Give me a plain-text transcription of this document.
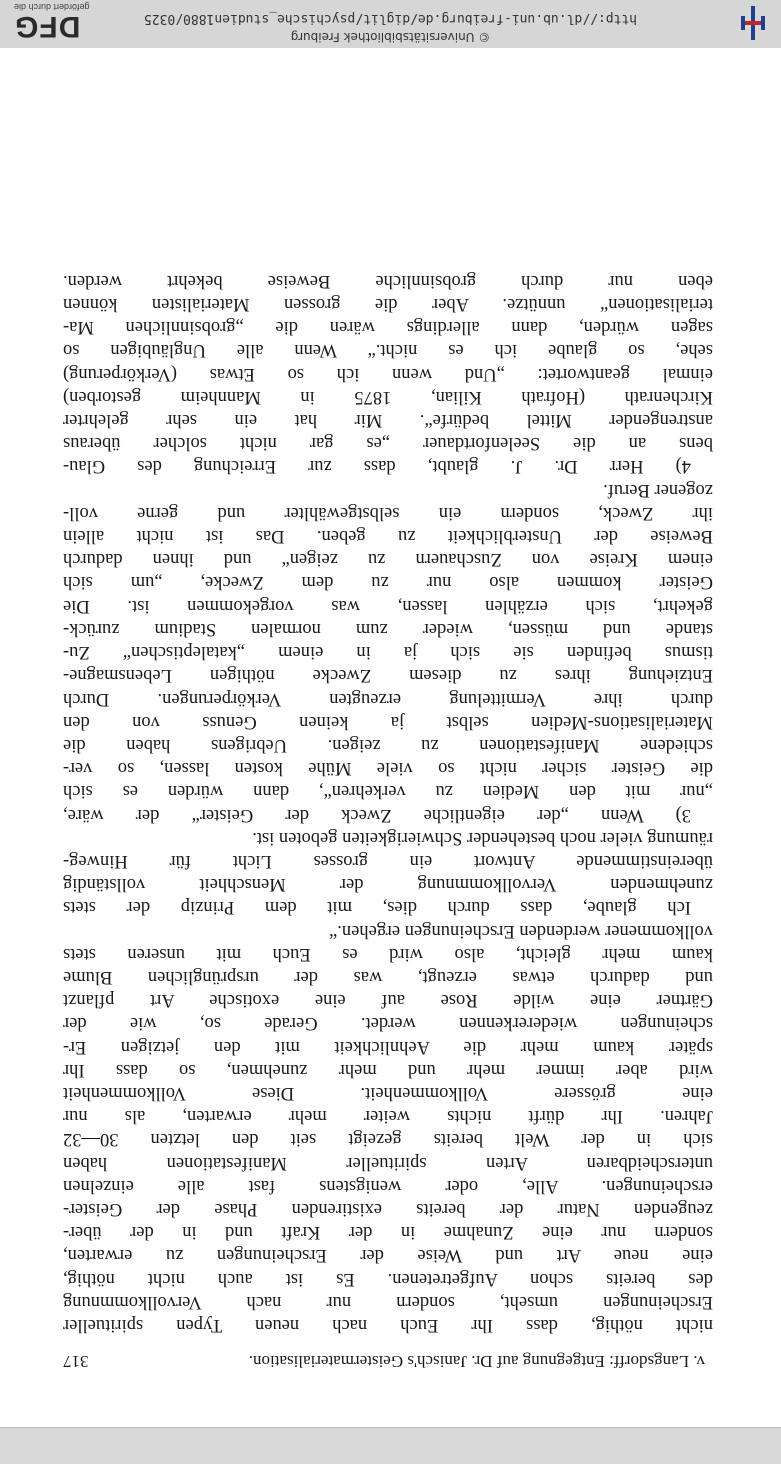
v. Langsdorff: Entgegnung auf Dr. Janisch's Geistermaterialisation.
317
nicht nöthig, dass Ihr Euch nach neuen Typen spiritueller
Erscheinungen umseht, sondern nur nach Vervollkommnung
des bereits schon Aufgetretenen. Es ist auch nicht nöthig,
eine neue Art und Weise der Erscheinungen zu erwarten,
sondern nur eine Zunahme in der Kraft und in der über-
zeugenden Natur der bereits existirenden Phase der Geister-
erscheinungen. Alle, oder wenigstens fast alle einzelnen
unterscheidbaren Arten spiritueller Manifestationen haben
sich in der Welt bereits gezeigt seit den letzten 30—32
Jahren. Ihr dürft nichts weiter mehr erwarten, als nur
eine grössere Vollkommenheit. Diese Vollkommenheit
wird aber immer mehr und mehr zunehmen, so dass Ihr
später kaum mehr die Aehnlichkeit mit den jetzigen Er-
scheinungen wiedererkennen werdet. Gerade so, wie der
Gärtner eine wilde Rose auf eine exotische Art pflanzt
und dadurch etwas erzeugt, was der ursprünglichen Blume
kaum mehr gleicht, also wird es Euch mit unseren stets
vollkommener werdenden Erscheinungen ergehen.“
Ich glaube, dass durch dies, mit dem Prinzip der stets
zunehmenden Vervollkommnung der Menschheit vollständig
übereinstimmende Antwort ein grosses Licht für Hinweg-
räumung vieler noch bestehender Schwierigkeiten geboten ist.
3) Wenn „der eigentliche Zweck der Geister“ der wäre,
„nur mit den Medien zu verkehren“, dann würden es sich
die Geister sicher nicht so viele Mühe kosten lassen, so ver-
schiedene Manifestationen zu zeigen. Uebrigens haben die
Materialisations-Medien selbst ja keinen Genuss von den
durch ihre Vermittelung erzeugten Verkörperungen. Durch
Entziehung ihres zu diesem Zwecke nöthigen Lebensmagne-
tismus befinden sie sich ja in einem „kataleptischen“ Zu-
stande und müssen, wieder zum normalen Stadium zurück-
gekehrt, sich erzählen lassen, was vorgekommen ist. Die
Geister kommen also nur zu dem Zwecke, „um sich
einem Kreise von Zuschauern zu zeigen“ und ihnen dadurch
Beweise der Unsterblichkeit zu geben. Das ist nicht allein
ihr Zweck, sondern ein selbstgewählter und gerne voll-
zogener Beruf.
4) Herr Dr. J. glaubt, dass zur Erreichung des Glau-
bens an die Seelenfortdauer „es gar nicht solcher überaus
anstrengender Mittel bedürfe“. Mir hat ein sehr gelehrter
Kirchenrath (Hofrath Kilian, 1875 in Mannheim gestorben)
einmal geantwortet: „Und wenn ich so Etwas (Verkörperung)
sehe, so glaube ich es nicht.“ Wenn alle Ungläubigen so
sagen würden, dann allerdings wären die „grobsinnlichen Ma-
terialisationen“ unnütze. Aber die grossen Materialisten können
eben nur durch grobsinnliche Beweise bekehrt werden.
© Universitätsbibliothek Freiburg
http://dl.ub.uni-freiburg.de/diglit/psychische_studien1880/0325
DFG
gefördert durch die
